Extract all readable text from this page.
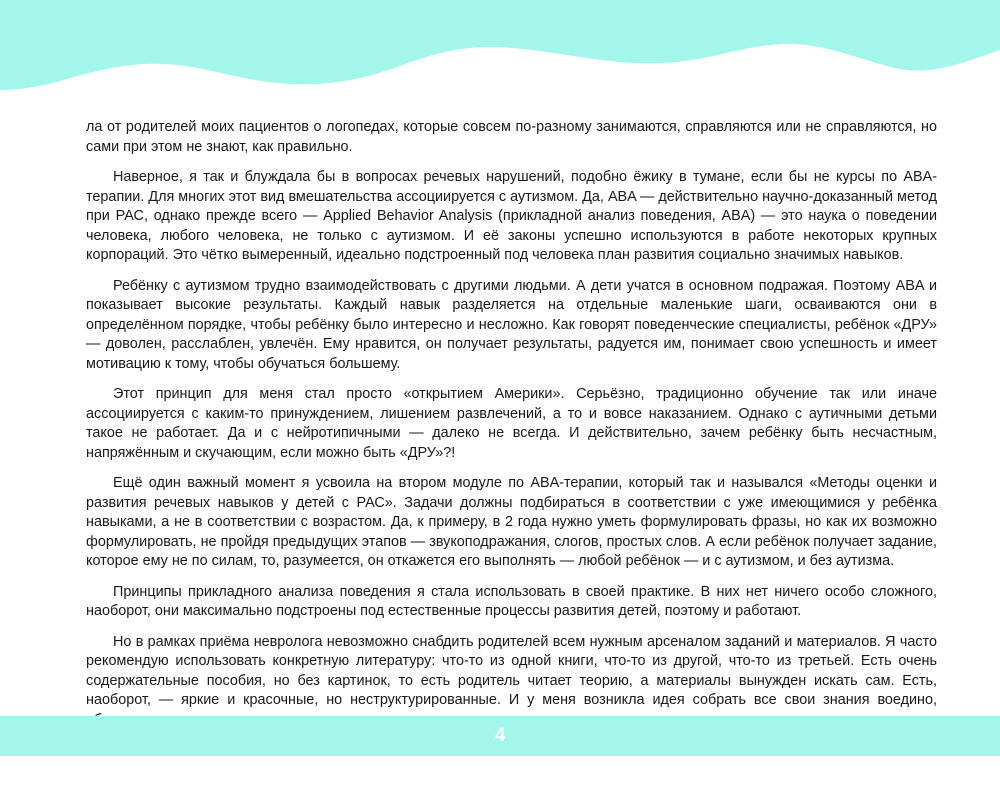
ла от родителей моих пациентов о логопедах, которые совсем по-разному занимаются, справляются или не справляются, но сами при этом не знают, как правильно.

Наверное, я так и блуждала бы в вопросах речевых нарушений, подобно ёжику в тумане, если бы не курсы по ABA-терапии. Для многих этот вид вмешательства ассоциируется с аутизмом. Да, ABA — действительно научно-доказанный метод при РАС, однако прежде всего — Applied Behavior Analysis (прикладной анализ поведения, ABA) — это наука о поведении человека, любого человека, не только с аутизмом. И её законы успешно используются в работе некоторых крупных корпораций. Это чётко вымеренный, идеально подстроенный под человека план развития социально значимых навыков.

Ребёнку с аутизмом трудно взаимодействовать с другими людьми. А дети учатся в основном подражая. Поэтому ABA и показывает высокие результаты. Каждый навык разделяется на отдельные маленькие шаги, осваиваются они в определённом порядке, чтобы ребёнку было интересно и несложно. Как говорят поведенческие специалисты, ребёнок «ДРУ» — доволен, расслаблен, увлечён. Ему нравится, он получает результаты, радуется им, понимает свою успешность и имеет мотивацию к тому, чтобы обучаться большему.

Этот принцип для меня стал просто «открытием Америки». Серьёзно, традиционно обучение так или иначе ассоциируется с каким-то принуждением, лишением развлечений, а то и вовсе наказанием. Однако с аутичными детьми такое не работает. Да и с нейротипичными — далеко не всегда. И действительно, зачем ребёнку быть несчастным, напряжённым и скучающим, если можно быть «ДРУ»?!

Ещё один важный момент я усвоила на втором модуле по ABA-терапии, который так и назывался «Методы оценки и развития речевых навыков у детей с РАС». Задачи должны подбираться в соответствии с уже имеющимися у ребёнка навыками, а не в соответствии с возрастом. Да, к примеру, в 2 года нужно уметь формулировать фразы, но как их возможно формулировать, не пройдя предыдущих этапов — звукоподражания, слогов, простых слов. А если ребёнок получает задание, которое ему не по силам, то, разумеется, он откажется его выполнять — любой ребёнок — и с аутизмом, и без аутизма.

Принципы прикладного анализа поведения я стала использовать в своей практике. В них нет ничего особо сложного, наоборот, они максимально подстроены под естественные процессы развития детей, поэтому и работают.

Но в рамках приёма невролога невозможно снабдить родителей всем нужным арсеналом заданий и материалов. Я часто рекомендую использовать конкретную литературу: что-то из одной книги, что-то из другой, что-то из третьей. Есть очень содержательные пособия, но без картинок, то есть родитель читает теорию, а материалы вынужден искать сам. Есть, наоборот, — яркие и красочные, но неструктурированные. И у меня возникла идея собрать все свои знания воедино,

4
